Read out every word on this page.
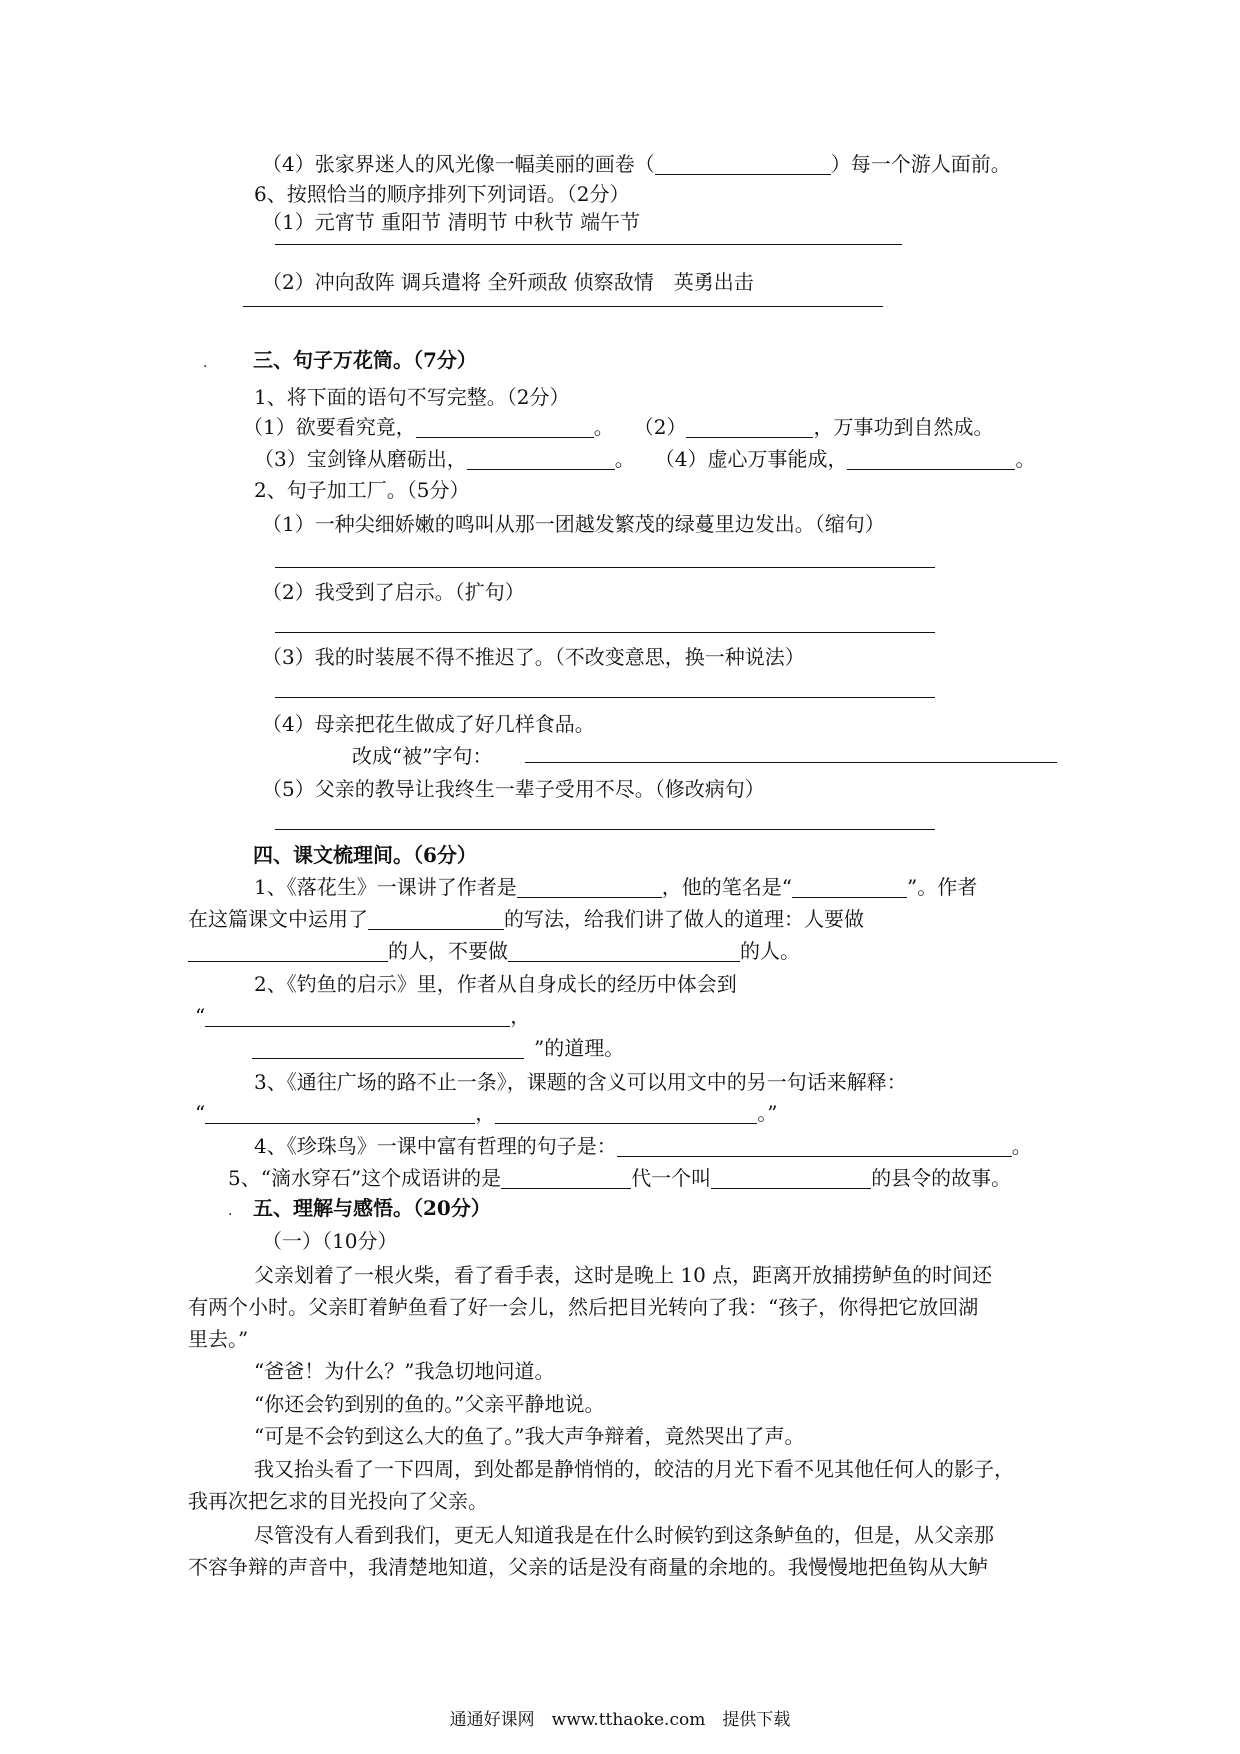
（4）张家界迷人的风光像一幅美丽的画卷（	）每一个游人面前。
6、按照恰当的顺序排列下列词语。（2分）
（1）元宵节 重阳节 清明节 中秋节 端午节
（2）冲向敌阵 调兵遣将 全歼顽敌 侦察敌情　英勇出击
. 三、句子万花筒。（7分）
1、将下面的语句不写完整。（2分）
（1）欲要看究竟，	。 （2）	，万事功到自然成。
（3）宝剑锋从磨砺出，	。 （4）虚心万事能成，	。
2、句子加工厂。（5分）
（1）一种尖细娇嫩的鸣叫从那一团越发繁茂的绿蔓里边发出。（缩句）
（2）我受到了启示。（扩句）
（3）我的时装展不得不推迟了。（不改变意思，换一种说法）
（4）母亲把花生做成了好几样食品。
改成“被”字句：
（5）父亲的教导让我终生一辈子受用不尽。（修改病句）
四、课文梳理间。（6分）
1、《落花生》一课讲了作者是	，他的笔名是“	”。作者
在这篇课文中运用了	的写法，给我们讲了做人的道理：人要做
的人，不要做	的人。
2、《钓鱼的启示》里，作者从自身成长的经历中体会到
“	，
”的道理。
3、《通往广场的路不止一条》，课题的含义可以用文中的另一句话来解释：
“	，	。”
4、《珍珠鸟》一课中富有哲理的句子是：	。
5、“滴水穿石”这个成语讲的是	代一个叫	的县令的故事。
. 五、理解与感悟。（20分）
（一）（10分）
父亲划着了一根火柴，看了看手表，这时是晚上 10 点，距离开放捕捞鲈鱼的时间还
有两个小时。父亲盯着鲈鱼看了好一会儿，然后把目光转向了我：“孩子，你得把它放回湖
里去。”
“爸爸！为什么？”我急切地问道。
“你还会钓到别的鱼的。”父亲平静地说。
“可是不会钓到这么大的鱼了。”我大声争辩着，竟然哭出了声。
我又抬头看了一下四周，到处都是静悄悄的，皎洁的月光下看不见其他任何人的影子，
我再次把乞求的目光投向了父亲。
尽管没有人看到我们，更无人知道我是在什么时候钓到这条鲈鱼的，但是，从父亲那
不容争辩的声音中，我清楚地知道，父亲的话是没有商量的余地的。我慢慢地把鱼钩从大鲈
通通好课网　www.tthaoke.com　提供下载
